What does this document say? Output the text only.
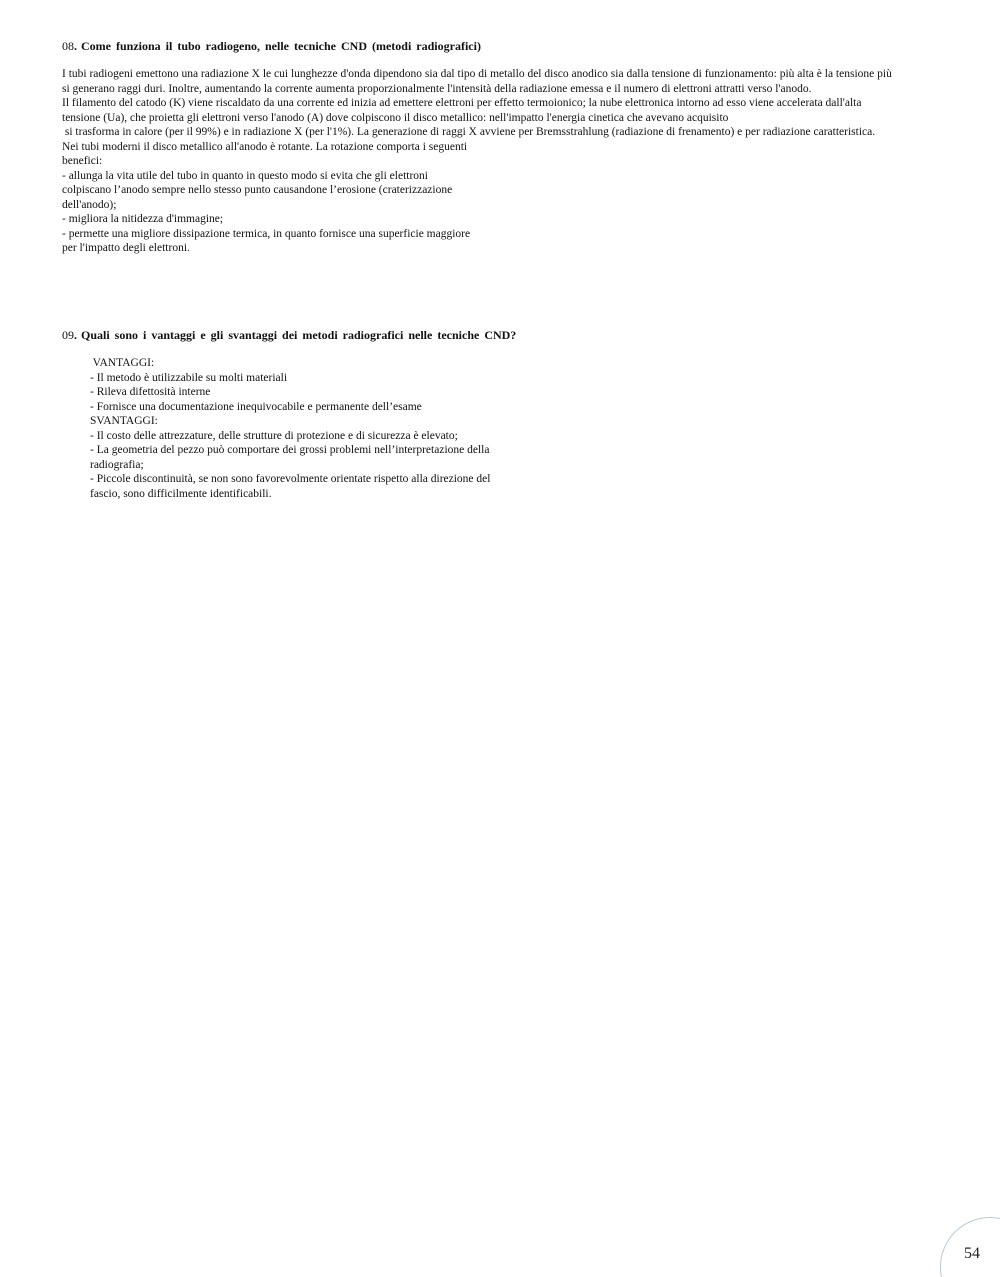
08. Come funziona il tubo radiogeno, nelle tecniche CND (metodi radiografici)
I tubi radiogeni emettono una radiazione X le cui lunghezze d'onda dipendono sia dal tipo di metallo del disco anodico sia dalla tensione di funzionamento: più alta è la tensione più
si generano raggi duri. Inoltre, aumentando la corrente aumenta proporzionalmente l'intensità della radiazione emessa e il numero di elettroni attratti verso l'anodo.
Il filamento del catodo (K) viene riscaldato da una corrente ed inizia ad emettere elettroni per effetto termoionico; la nube elettronica intorno ad esso viene accelerata dall'alta
tensione (Ua), che proietta gli elettroni verso l'anodo (A) dove colpiscono il disco metallico: nell'impatto l'energia cinetica che avevano acquisito
si trasforma in calore (per il 99%) e in radiazione X (per l'1%). La generazione di raggi X avviene per Bremsstrahlung (radiazione di frenamento) e per radiazione caratteristica.
Nei tubi moderni il disco metallico all'anodo è rotante. La rotazione comporta i seguenti
benefici:
- allunga la vita utile del tubo in quanto in questo modo si evita che gli elettroni
colpiscano l’anodo sempre nello stesso punto causandone l’erosione (craterizzazione
dell'anodo);
- migliora la nitidezza d'immagine;
- permette una migliore dissipazione termica, in quanto fornisce una superficie maggiore
per l'impatto degli elettroni.
09. Quali sono i vantaggi e gli svantaggi dei metodi radiografici nelle tecniche CND?
VANTAGGI:
- Il metodo è utilizzabile su molti materiali
- Rileva difettosità interne
- Fornisce una documentazione inequivocabile e permanente dell’esame
SVANTAGGI:
- Il costo delle attrezzature, delle strutture di protezione e di sicurezza è elevato;
- La geometria del pezzo può comportare dei grossi problemi nell’interpretazione della
radiografia;
- Piccole discontinuità, se non sono favorevolmente orientate rispetto alla direzione del
fascio, sono difficilmente identificabili.
54
